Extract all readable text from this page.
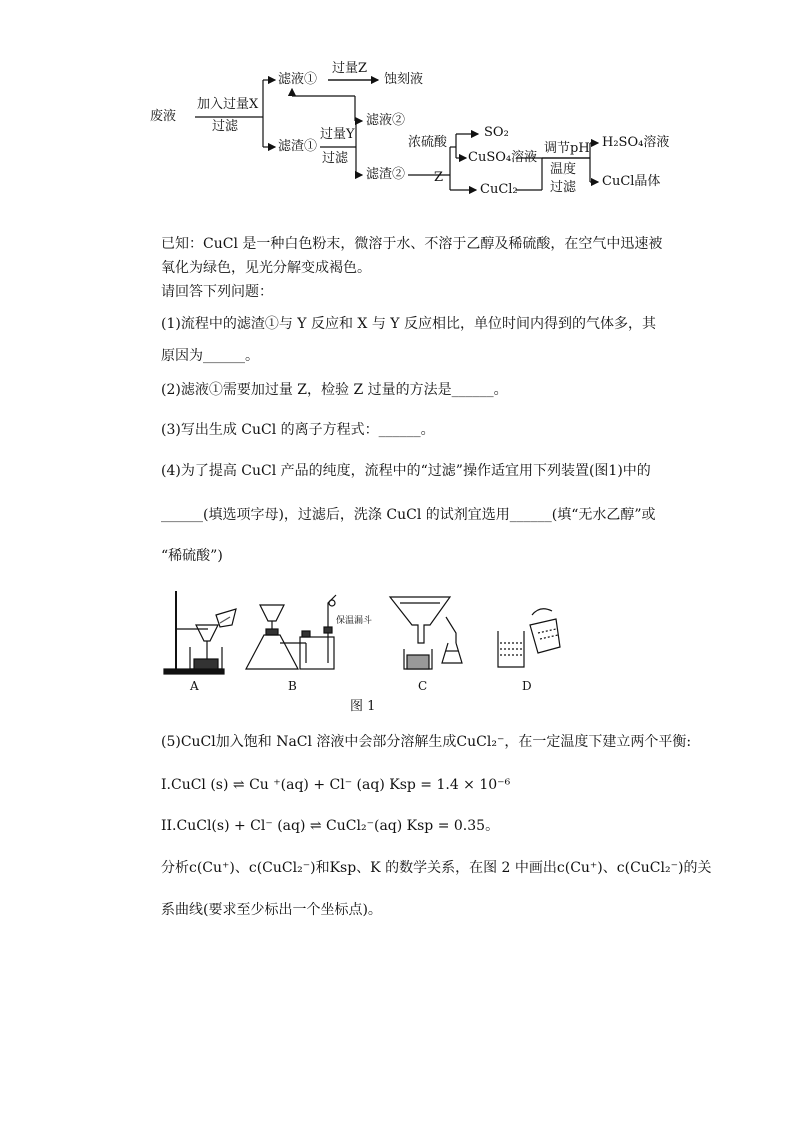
废液
加入过量X
过滤
滤液①
过量Z
蚀刻液
滤渣①
过量Y
过滤
滤液②
滤渣②
浓硫酸
SO₂
CuSO₄溶液
Z
CuCl₂
调节pH
温度
过滤
H₂SO₄溶液
CuCl晶体
已知：CuCl 是一种白色粉末，微溶于水、不溶于乙醇及稀硫酸，在空气中迅速被
氧化为绿色，见光分解变成褐色。
请回答下列问题：
(1)流程中的滤渣①与 Y 反应和 X 与 Y 反应相比，单位时间内得到的气体多，其
原因为______。
(2)滤液①需要加过量 Z，检验 Z 过量的方法是______。
(3)写出生成 CuCl 的离子方程式：______。
(4)为了提高 CuCl 产品的纯度，流程中的“过滤”操作适宜用下列装置(图1)中的
______(填选项字母)，过滤后，洗涤 CuCl 的试剂宜选用______(填“无水乙醇”或
“稀硫酸”)
保温漏斗
A	B	C	D
图 1
(5)CuCl加入饱和 NaCl 溶液中会部分溶解生成CuCl₂⁻，在一定温度下建立两个平衡:
I.CuCl (s) ⇌ Cu ⁺(aq) + Cl⁻ (aq) Ksp = 1.4 × 10⁻⁶
II.CuCl(s) + Cl⁻ (aq) ⇌ CuCl₂⁻(aq) Ksp = 0.35。
分析c(Cu⁺)、c(CuCl₂⁻)和Ksp、K 的数学关系，在图 2 中画出c(Cu⁺)、c(CuCl₂⁻)的关
系曲线(要求至少标出一个坐标点)。
